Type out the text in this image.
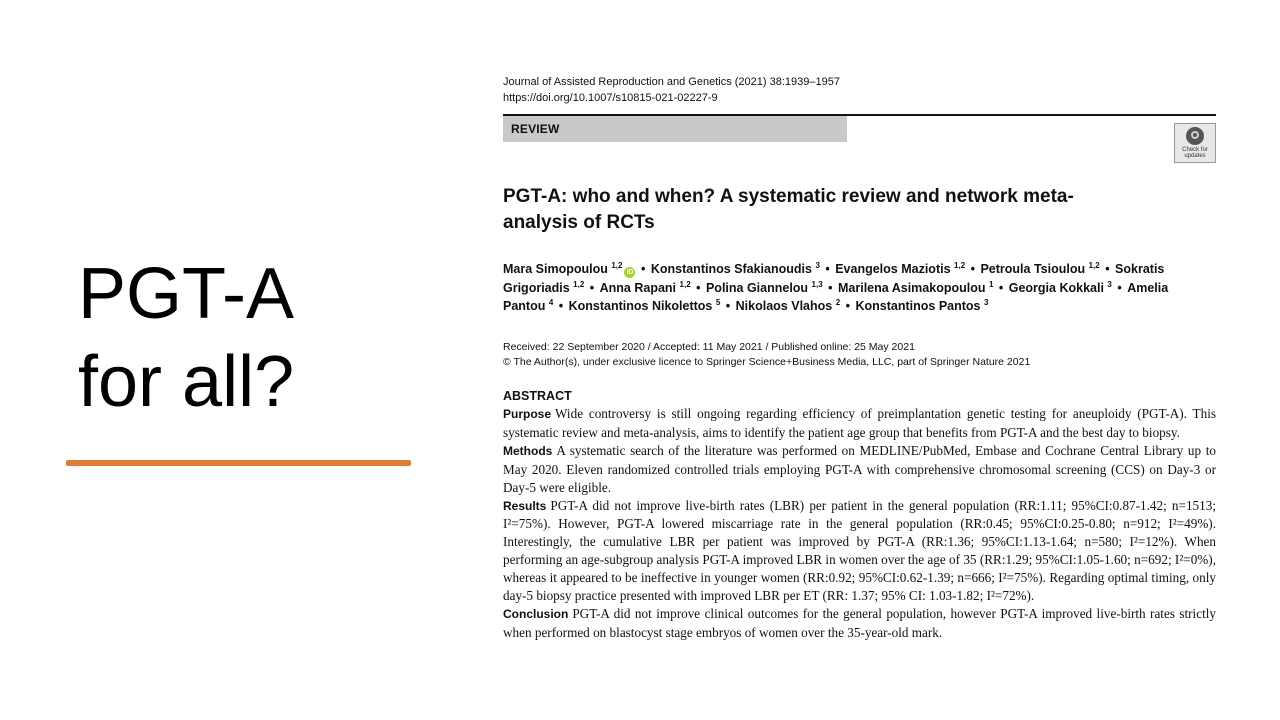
PGT-A
for all?
Journal of Assisted Reproduction and Genetics (2021) 38:1939–1957
https://doi.org/10.1007/s10815-021-02227-9
REVIEW
Check for updates
PGT-A: who and when? A systematic review and network meta-analysis of RCTs
Mara Simopoulou $^{1,2}$iD • Konstantinos Sfakianoudis $^3$ • Evangelos Maziotis $^{1,2}$ • Petroula Tsioulou $^{1,2}$ • Sokratis Grigoriadis $^{1,2}$ • Anna Rapani $^{1,2}$ • Polina Giannelou $^{1,3}$ • Marilena Asimakopoulou $^1$ • Georgia Kokkali $^3$ • Amelia Pantou $^4$ • Konstantinos Nikolettos $^5$ • Nikolaos Vlahos $^2$ • Konstantinos Pantos $^3$
Received: 22 September 2020 / Accepted: 11 May 2021 / Published online: 25 May 2021
© The Author(s), under exclusive licence to Springer Science+Business Media, LLC, part of Springer Nature 2021
ABSTRACT

Purpose Wide controversy is still ongoing regarding efficiency of preimplantation genetic testing for aneuploidy (PGT-A). This systematic review and meta-analysis, aims to identify the patient age group that benefits from PGT-A and the best day to biopsy.

Methods A systematic search of the literature was performed on MEDLINE/PubMed, Embase and Cochrane Central Library up to May 2020. Eleven randomized controlled trials employing PGT-A with comprehensive chromosomal screening (CCS) on Day-3 or Day-5 were eligible.

Results PGT-A did not improve live-birth rates (LBR) per patient in the general population (RR:1.11; 95%CI:0.87-1.42; n=1513; I²=75%). However, PGT-A lowered miscarriage rate in the general population (RR:0.45; 95%CI:0.25-0.80; n=912; I²=49%). Interestingly, the cumulative LBR per patient was improved by PGT-A (RR:1.36; 95%CI:1.13-1.64; n=580; I²=12%). When performing an age-subgroup analysis PGT-A improved LBR in women over the age of 35 (RR:1.29; 95%CI:1.05-1.60; n=692; I²=0%), whereas it appeared to be ineffective in younger women (RR:0.92; 95%CI:0.62-1.39; n=666; I²=75%). Regarding optimal timing, only day-5 biopsy practice presented with improved LBR per ET (RR: 1.37; 95% CI: 1.03-1.82; I²=72%).

Conclusion PGT-A did not improve clinical outcomes for the general population, however PGT-A improved live-birth rates strictly when performed on blastocyst stage embryos of women over the 35-year-old mark.
